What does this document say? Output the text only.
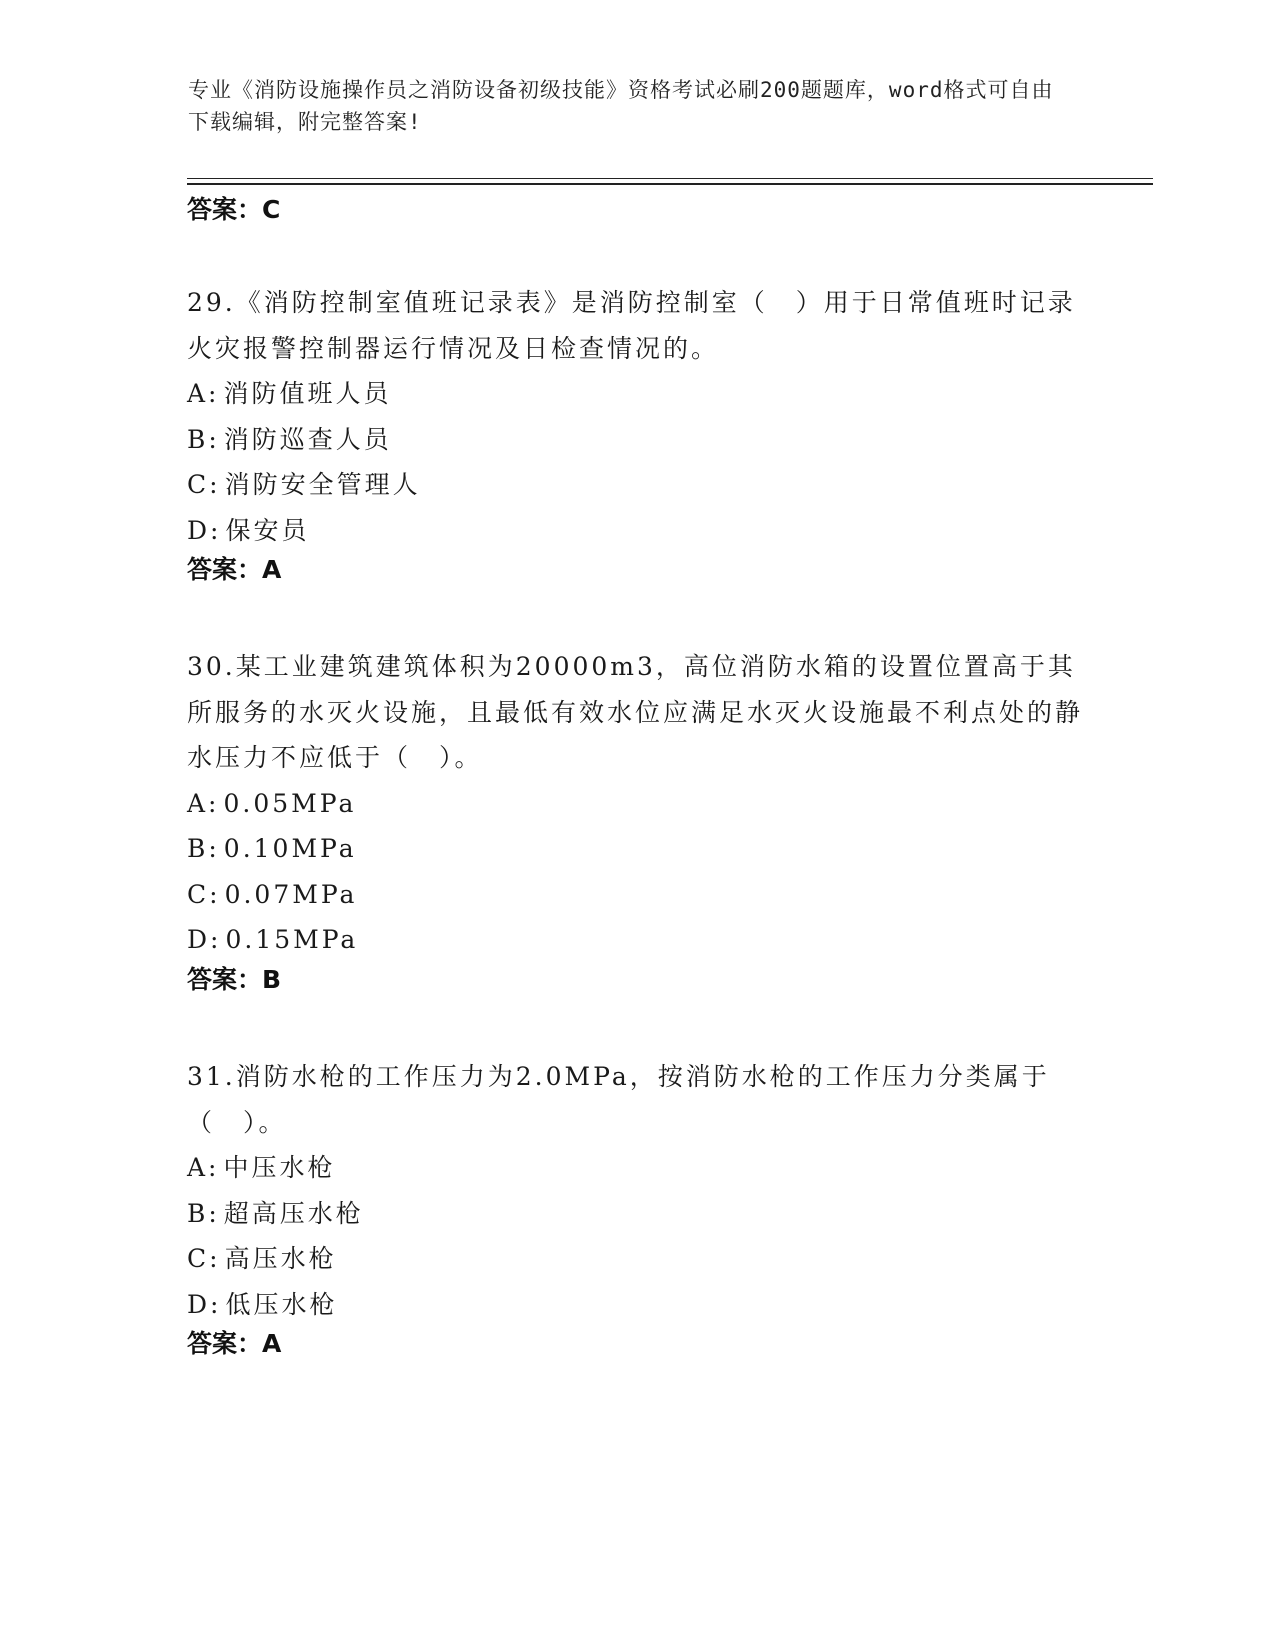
专业《消防设施操作员之消防设备初级技能》资格考试必刷200题题库，word格式可自由下载编辑，附完整答案!
答案：C

29.《消防控制室值班记录表》是消防控制室（　）用于日常值班时记录火灾报警控制器运行情况及日检查情况的。

A: 消防值班人员
B: 消防巡查人员
C: 消防安全管理人
D: 保安员
答案：A

30.某工业建筑建筑体积为20000m3，高位消防水箱的设置位置高于其所服务的水灭火设施，且最低有效水位应满足水灭火设施最不利点处的静水压力不应低于（　）。

A: 0.05MPa
B: 0.10MPa
C: 0.07MPa
D: 0.15MPa
答案：B

31.消防水枪的工作压力为2.0MPa，按消防水枪的工作压力分类属于（　）。

A: 中压水枪
B: 超高压水枪
C: 高压水枪
D: 低压水枪
答案：A
